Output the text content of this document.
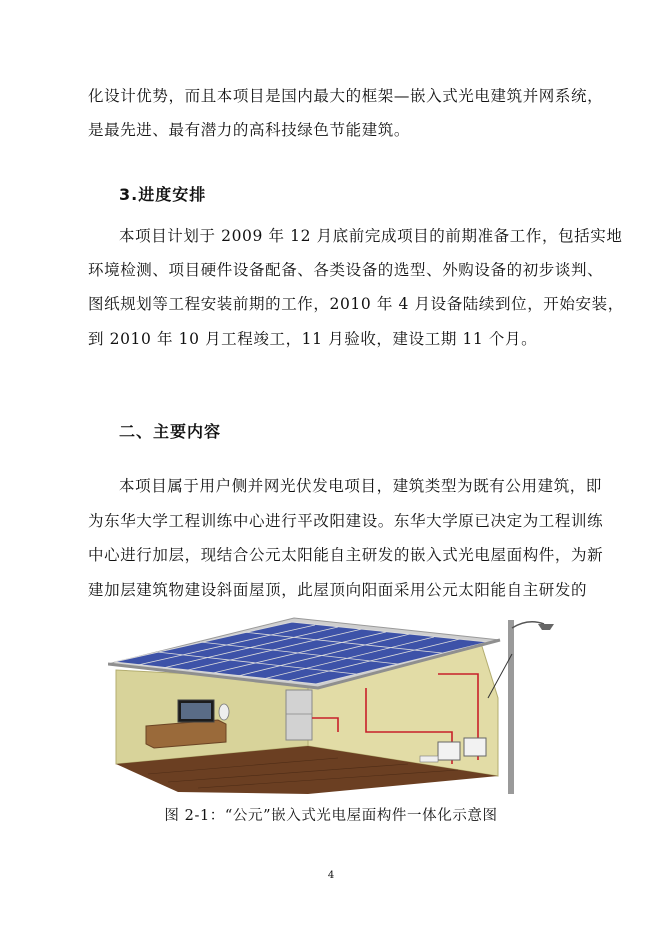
化设计优势，而且本项目是国内最大的框架—嵌入式光电建筑并网系统，
是最先进、最有潜力的高科技绿色节能建筑。
3.进度安排
本项目计划于 2009 年 12 月底前完成项目的前期准备工作，包括实地
环境检测、项目硬件设备配备、各类设备的选型、外购设备的初步谈判、
图纸规划等工程安装前期的工作，2010 年 4 月设备陆续到位，开始安装，
到 2010 年 10 月工程竣工，11 月验收，建设工期 11 个月。
二、主要内容
本项目属于用户侧并网光伏发电项目，建筑类型为既有公用建筑，即
为东华大学工程训练中心进行平改阳建设。东华大学原已决定为工程训练
中心进行加层，现结合公元太阳能自主研发的嵌入式光电屋面构件，为新
建加层建筑物建设斜面屋顶，此屋顶向阳面采用公元太阳能自主研发的
图 2-1：“公元”嵌入式光电屋面构件一体化示意图
4
